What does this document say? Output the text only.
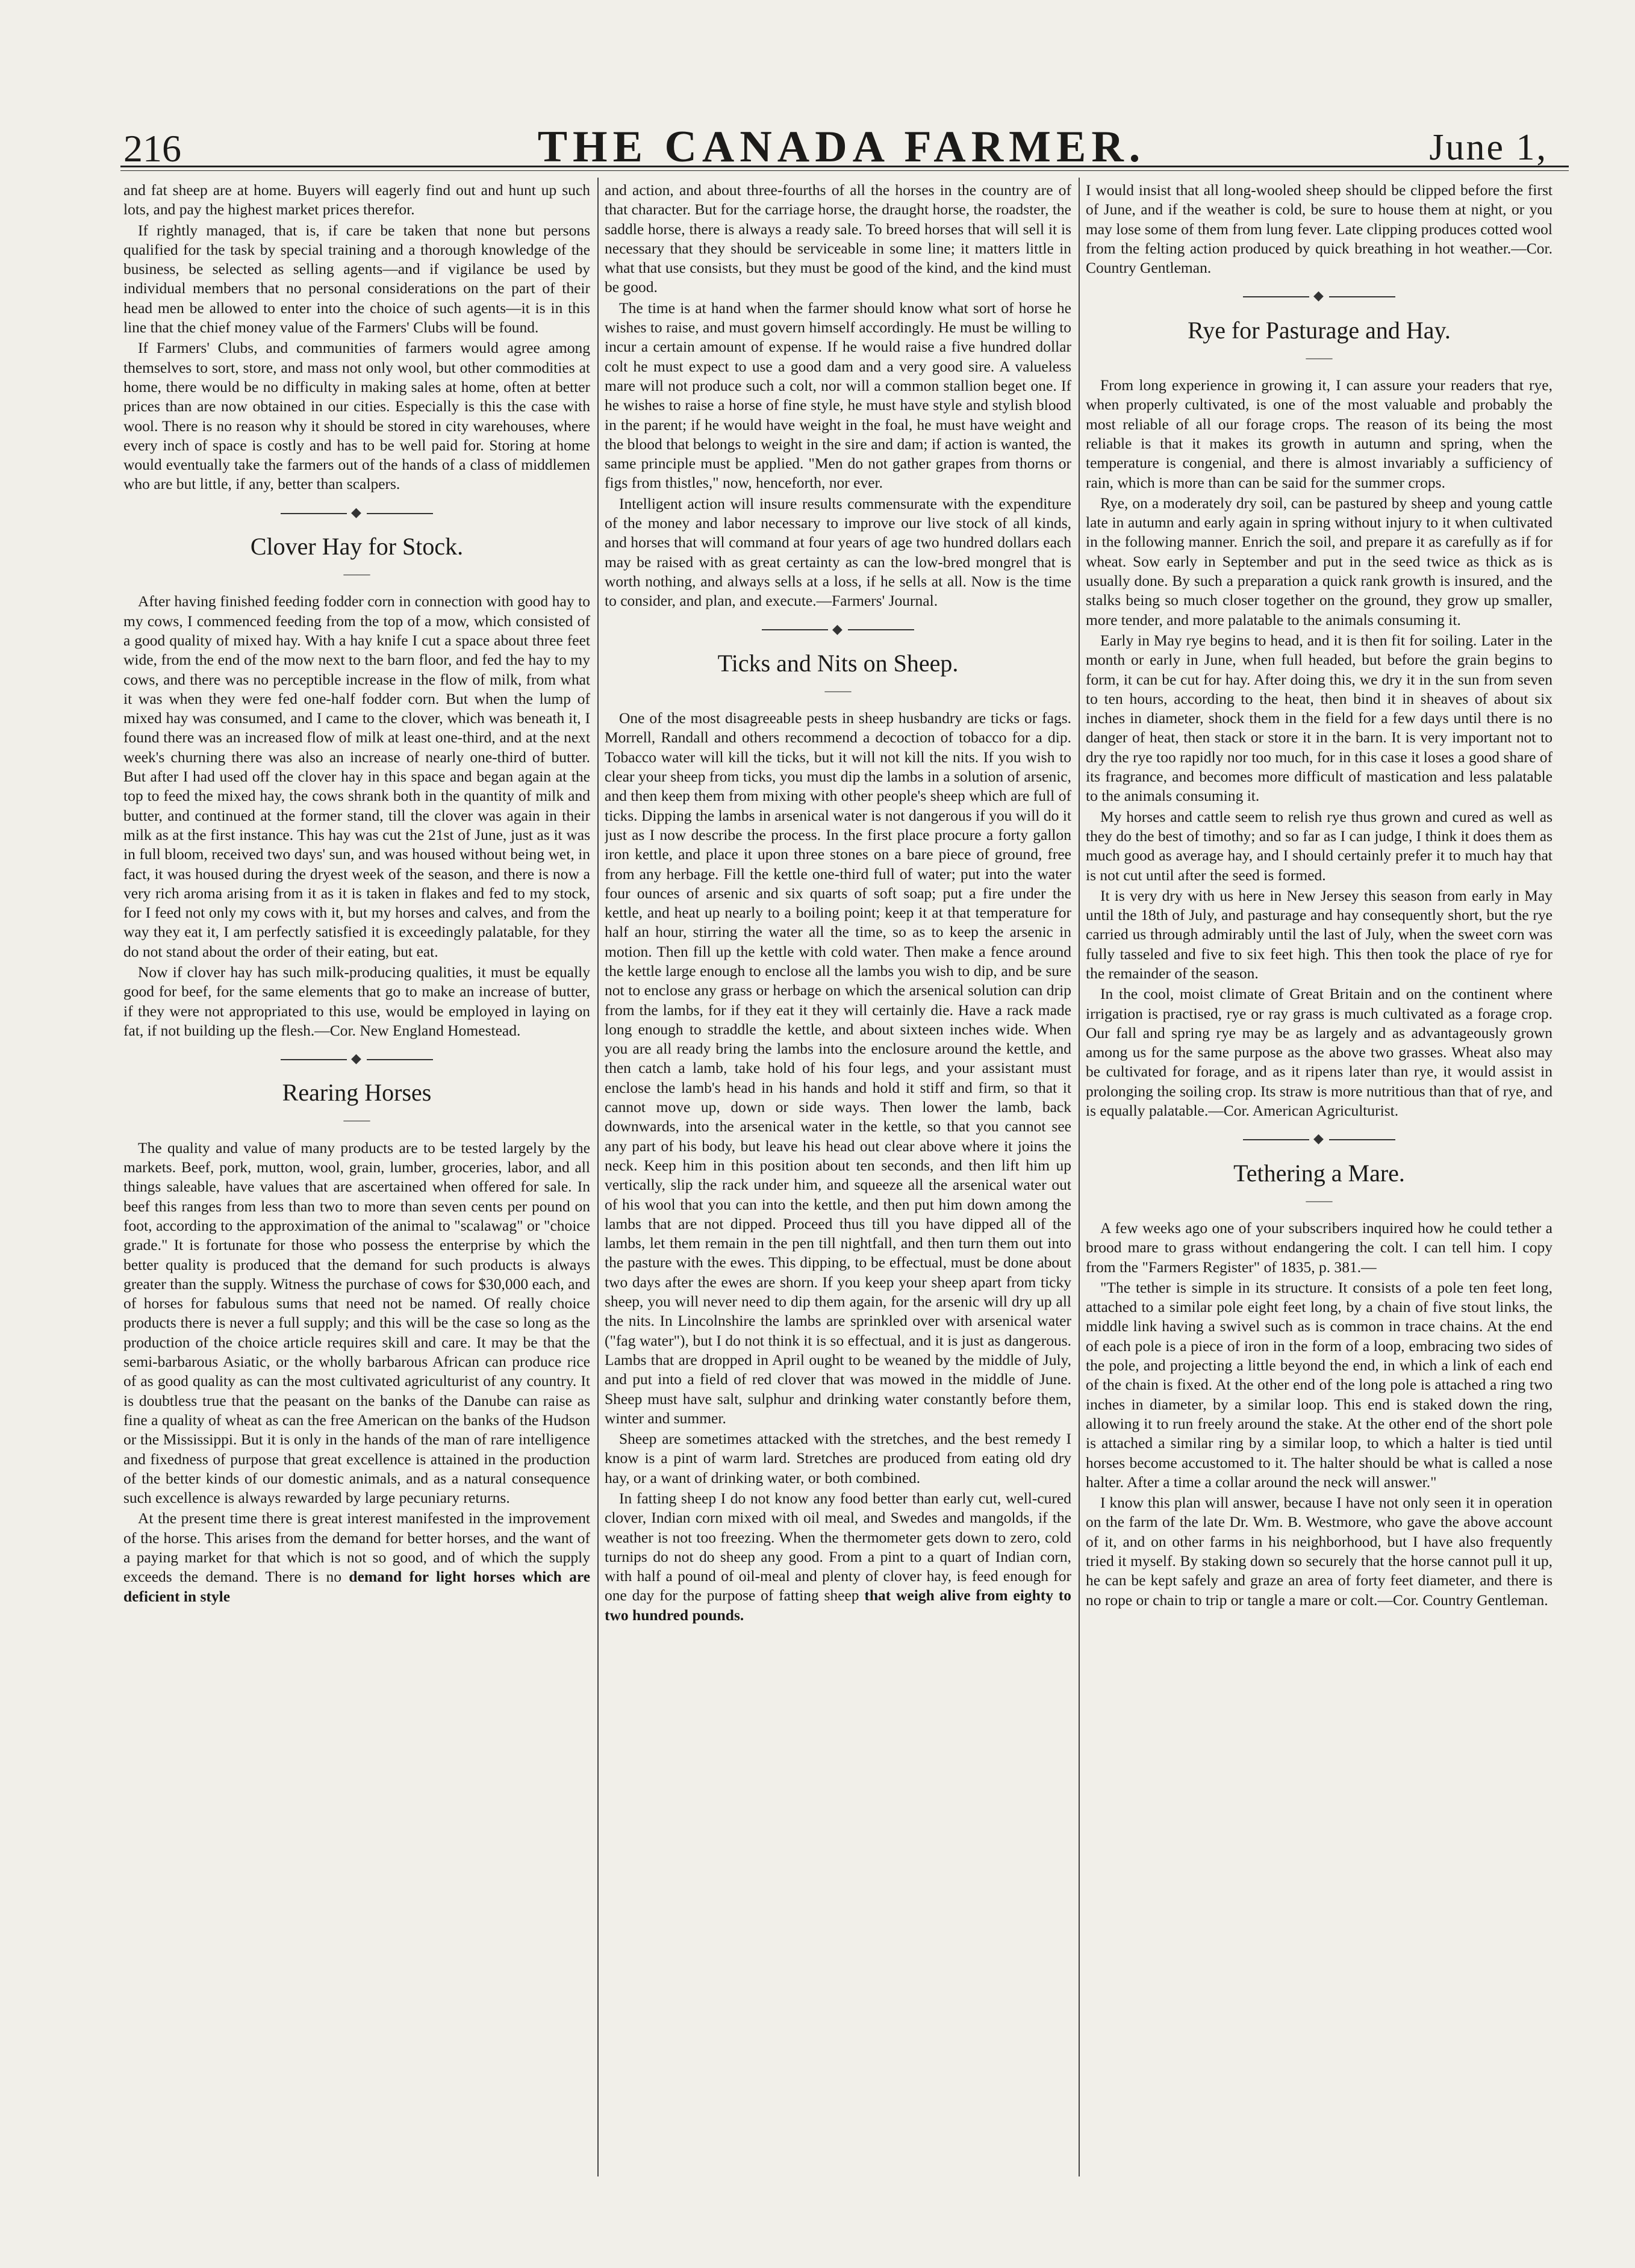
216	THE CANADA FARMER.	June 1,

and fat sheep are at home. Buyers will eagerly find out and hunt up such lots, and pay the highest market prices therefor.

If rightly managed, that is, if care be taken that none but persons qualified for the task by special training and a thorough knowledge of the business, be selected as selling agents—and if vigilance be used by individual members that no personal considerations on the part of their head men be allowed to enter into the choice of such agents—it is in this line that the chief money value of the Farmers' Clubs will be found.

If Farmers' Clubs, and communities of farmers would agree among themselves to sort, store, and mass not only wool, but other commodities at home, there would be no difficulty in making sales at home, often at better prices than are now obtained in our cities. Especially is this the case with wool. There is no reason why it should be stored in city warehouses, where every inch of space is costly and has to be well paid for. Storing at home would eventually take the farmers out of the hands of a class of middlemen who are but little, if any, better than scalpers.

◆
Clover Hay for Stock.
——

After having finished feeding fodder corn in connection with good hay to my cows, I commenced feeding from the top of a mow, which consisted of a good quality of mixed hay. With a hay knife I cut a space about three feet wide, from the end of the mow next to the barn floor, and fed the hay to my cows, and there was no perceptible increase in the flow of milk, from what it was when they were fed one-half fodder corn. But when the lump of mixed hay was consumed, and I came to the clover, which was beneath it, I found there was an increased flow of milk at least one-third, and at the next week's churning there was also an increase of nearly one-third of butter. But after I had used off the clover hay in this space and began again at the top to feed the mixed hay, the cows shrank both in the quantity of milk and butter, and continued at the former stand, till the clover was again in their milk as at the first instance. This hay was cut the 21st of June, just as it was in full bloom, received two days' sun, and was housed without being wet, in fact, it was housed during the dryest week of the season, and there is now a very rich aroma arising from it as it is taken in flakes and fed to my stock, for I feed not only my cows with it, but my horses and calves, and from the way they eat it, I am perfectly satisfied it is exceedingly palatable, for they do not stand about the order of their eating, but eat.

Now if clover hay has such milk-producing qualities, it must be equally good for beef, for the same elements that go to make an increase of butter, if they were not appropriated to this use, would be employed in laying on fat, if not building up the flesh.—Cor. New England Homestead.

◆
Rearing Horses
——

The quality and value of many products are to be tested largely by the markets. Beef, pork, mutton, wool, grain, lumber, groceries, labor, and all things saleable, have values that are ascertained when offered for sale. In beef this ranges from less than two to more than seven cents per pound on foot, according to the approximation of the animal to "scalawag" or "choice grade." It is fortunate for those who possess the enterprise by which the better quality is produced that the demand for such products is always greater than the supply. Witness the purchase of cows for $30,000 each, and of horses for fabulous sums that need not be named. Of really choice products there is never a full supply; and this will be the case so long as the production of the choice article requires skill and care. It may be that the semi-barbarous Asiatic, or the wholly barbarous African can produce rice of as good quality as can the most cultivated agriculturist of any country. It is doubtless true that the peasant on the banks of the Danube can raise as fine a quality of wheat as can the free American on the banks of the Hudson or the Mississippi. But it is only in the hands of the man of rare intelligence and fixedness of purpose that great excellence is attained in the production of the better kinds of our domestic animals, and as a natural consequence such excellence is always rewarded by large pecuniary returns.

At the present time there is great interest manifested in the improvement of the horse. This arises from the demand for better horses, and the want of a paying market for that which is not so good, and of which the supply exceeds the demand. There is no demand for light horses which are deficient in style

and action, and about three-fourths of all the horses in the country are of that character. But for the carriage horse, the draught horse, the roadster, the saddle horse, there is always a ready sale. To breed horses that will sell it is necessary that they should be serviceable in some line; it matters little in what that use consists, but they must be good of the kind, and the kind must be good.

The time is at hand when the farmer should know what sort of horse he wishes to raise, and must govern himself accordingly. He must be willing to incur a certain amount of expense. If he would raise a five hundred dollar colt he must expect to use a good dam and a very good sire. A valueless mare will not produce such a colt, nor will a common stallion beget one. If he wishes to raise a horse of fine style, he must have style and stylish blood in the parent; if he would have weight in the foal, he must have weight and the blood that belongs to weight in the sire and dam; if action is wanted, the same principle must be applied. "Men do not gather grapes from thorns or figs from thistles," now, henceforth, nor ever.

Intelligent action will insure results commensurate with the expenditure of the money and labor necessary to improve our live stock of all kinds, and horses that will command at four years of age two hundred dollars each may be raised with as great certainty as can the low-bred mongrel that is worth nothing, and always sells at a loss, if he sells at all. Now is the time to consider, and plan, and execute.—Farmers' Journal.

◆
Ticks and Nits on Sheep.
——

One of the most disagreeable pests in sheep husbandry are ticks or fags. Morrell, Randall and others recommend a decoction of tobacco for a dip. Tobacco water will kill the ticks, but it will not kill the nits. If you wish to clear your sheep from ticks, you must dip the lambs in a solution of arsenic, and then keep them from mixing with other people's sheep which are full of ticks. Dipping the lambs in arsenical water is not dangerous if you will do it just as I now describe the process. In the first place procure a forty gallon iron kettle, and place it upon three stones on a bare piece of ground, free from any herbage. Fill the kettle one-third full of water; put into the water four ounces of arsenic and six quarts of soft soap; put a fire under the kettle, and heat up nearly to a boiling point; keep it at that temperature for half an hour, stirring the water all the time, so as to keep the arsenic in motion. Then fill up the kettle with cold water. Then make a fence around the kettle large enough to enclose all the lambs you wish to dip, and be sure not to enclose any grass or herbage on which the arsenical solution can drip from the lambs, for if they eat it they will certainly die. Have a rack made long enough to straddle the kettle, and about sixteen inches wide. When you are all ready bring the lambs into the enclosure around the kettle, and then catch a lamb, take hold of his four legs, and your assistant must enclose the lamb's head in his hands and hold it stiff and firm, so that it cannot move up, down or side ways. Then lower the lamb, back downwards, into the arsenical water in the kettle, so that you cannot see any part of his body, but leave his head out clear above where it joins the neck. Keep him in this position about ten seconds, and then lift him up vertically, slip the rack under him, and squeeze all the arsenical water out of his wool that you can into the kettle, and then put him down among the lambs that are not dipped. Proceed thus till you have dipped all of the lambs, let them remain in the pen till nightfall, and then turn them out into the pasture with the ewes. This dipping, to be effectual, must be done about two days after the ewes are shorn. If you keep your sheep apart from ticky sheep, you will never need to dip them again, for the arsenic will dry up all the nits. In Lincolnshire the lambs are sprinkled over with arsenical water ("fag water"), but I do not think it is so effectual, and it is just as dangerous. Lambs that are dropped in April ought to be weaned by the middle of July, and put into a field of red clover that was mowed in the middle of June. Sheep must have salt, sulphur and drinking water constantly before them, winter and summer.

Sheep are sometimes attacked with the stretches, and the best remedy I know is a pint of warm lard. Stretches are produced from eating old dry hay, or a want of drinking water, or both combined.

In fatting sheep I do not know any food better than early cut, well-cured clover, Indian corn mixed with oil meal, and Swedes and mangolds, if the weather is not too freezing. When the thermometer gets down to zero, cold turnips do not do sheep any good. From a pint to a quart of Indian corn, with half a pound of oil-meal and plenty of clover hay, is feed enough for one day for the purpose of fatting sheep that weigh alive from eighty to two hundred pounds.

I would insist that all long-wooled sheep should be clipped before the first of June, and if the weather is cold, be sure to house them at night, or you may lose some of them from lung fever. Late clipping produces cotted wool from the felting action produced by quick breathing in hot weather.—Cor. Country Gentleman.

◆
Rye for Pasturage and Hay.
——

From long experience in growing it, I can assure your readers that rye, when properly cultivated, is one of the most valuable and probably the most reliable of all our forage crops. The reason of its being the most reliable is that it makes its growth in autumn and spring, when the temperature is congenial, and there is almost invariably a sufficiency of rain, which is more than can be said for the summer crops.

Rye, on a moderately dry soil, can be pastured by sheep and young cattle late in autumn and early again in spring without injury to it when cultivated in the following manner. Enrich the soil, and prepare it as carefully as if for wheat. Sow early in September and put in the seed twice as thick as is usually done. By such a preparation a quick rank growth is insured, and the stalks being so much closer together on the ground, they grow up smaller, more tender, and more palatable to the animals consuming it.

Early in May rye begins to head, and it is then fit for soiling. Later in the month or early in June, when full headed, but before the grain begins to form, it can be cut for hay. After doing this, we dry it in the sun from seven to ten hours, according to the heat, then bind it in sheaves of about six inches in diameter, shock them in the field for a few days until there is no danger of heat, then stack or store it in the barn. It is very important not to dry the rye too rapidly nor too much, for in this case it loses a good share of its fragrance, and becomes more difficult of mastication and less palatable to the animals consuming it.

My horses and cattle seem to relish rye thus grown and cured as well as they do the best of timothy; and so far as I can judge, I think it does them as much good as average hay, and I should certainly prefer it to much hay that is not cut until after the seed is formed.

It is very dry with us here in New Jersey this season from early in May until the 18th of July, and pasturage and hay consequently short, but the rye carried us through admirably until the last of July, when the sweet corn was fully tasseled and five to six feet high. This then took the place of rye for the remainder of the season.

In the cool, moist climate of Great Britain and on the continent where irrigation is practised, rye or ray grass is much cultivated as a forage crop. Our fall and spring rye may be as largely and as advantageously grown among us for the same purpose as the above two grasses. Wheat also may be cultivated for forage, and as it ripens later than rye, it would assist in prolonging the soiling crop. Its straw is more nutritious than that of rye, and is equally palatable.—Cor. American Agriculturist.

◆
Tethering a Mare.
——

A few weeks ago one of your subscribers inquired how he could tether a brood mare to grass without endangering the colt. I can tell him. I copy from the "Farmers Register" of 1835, p. 381.—

"The tether is simple in its structure. It consists of a pole ten feet long, attached to a similar pole eight feet long, by a chain of five stout links, the middle link having a swivel such as is common in trace chains. At the end of each pole is a piece of iron in the form of a loop, embracing two sides of the pole, and projecting a little beyond the end, in which a link of each end of the chain is fixed. At the other end of the long pole is attached a ring two inches in diameter, by a similar loop. This end is staked down the ring, allowing it to run freely around the stake. At the other end of the short pole is attached a similar ring by a similar loop, to which a halter is tied until horses become accustomed to it. The halter should be what is called a nose halter. After a time a collar around the neck will answer."

I know this plan will answer, because I have not only seen it in operation on the farm of the late Dr. Wm. B. Westmore, who gave the above account of it, and on other farms in his neighborhood, but I have also frequently tried it myself. By staking down so securely that the horse cannot pull it up, he can be kept safely and graze an area of forty feet diameter, and there is no rope or chain to trip or tangle a mare or colt.—Cor. Country Gentleman.
